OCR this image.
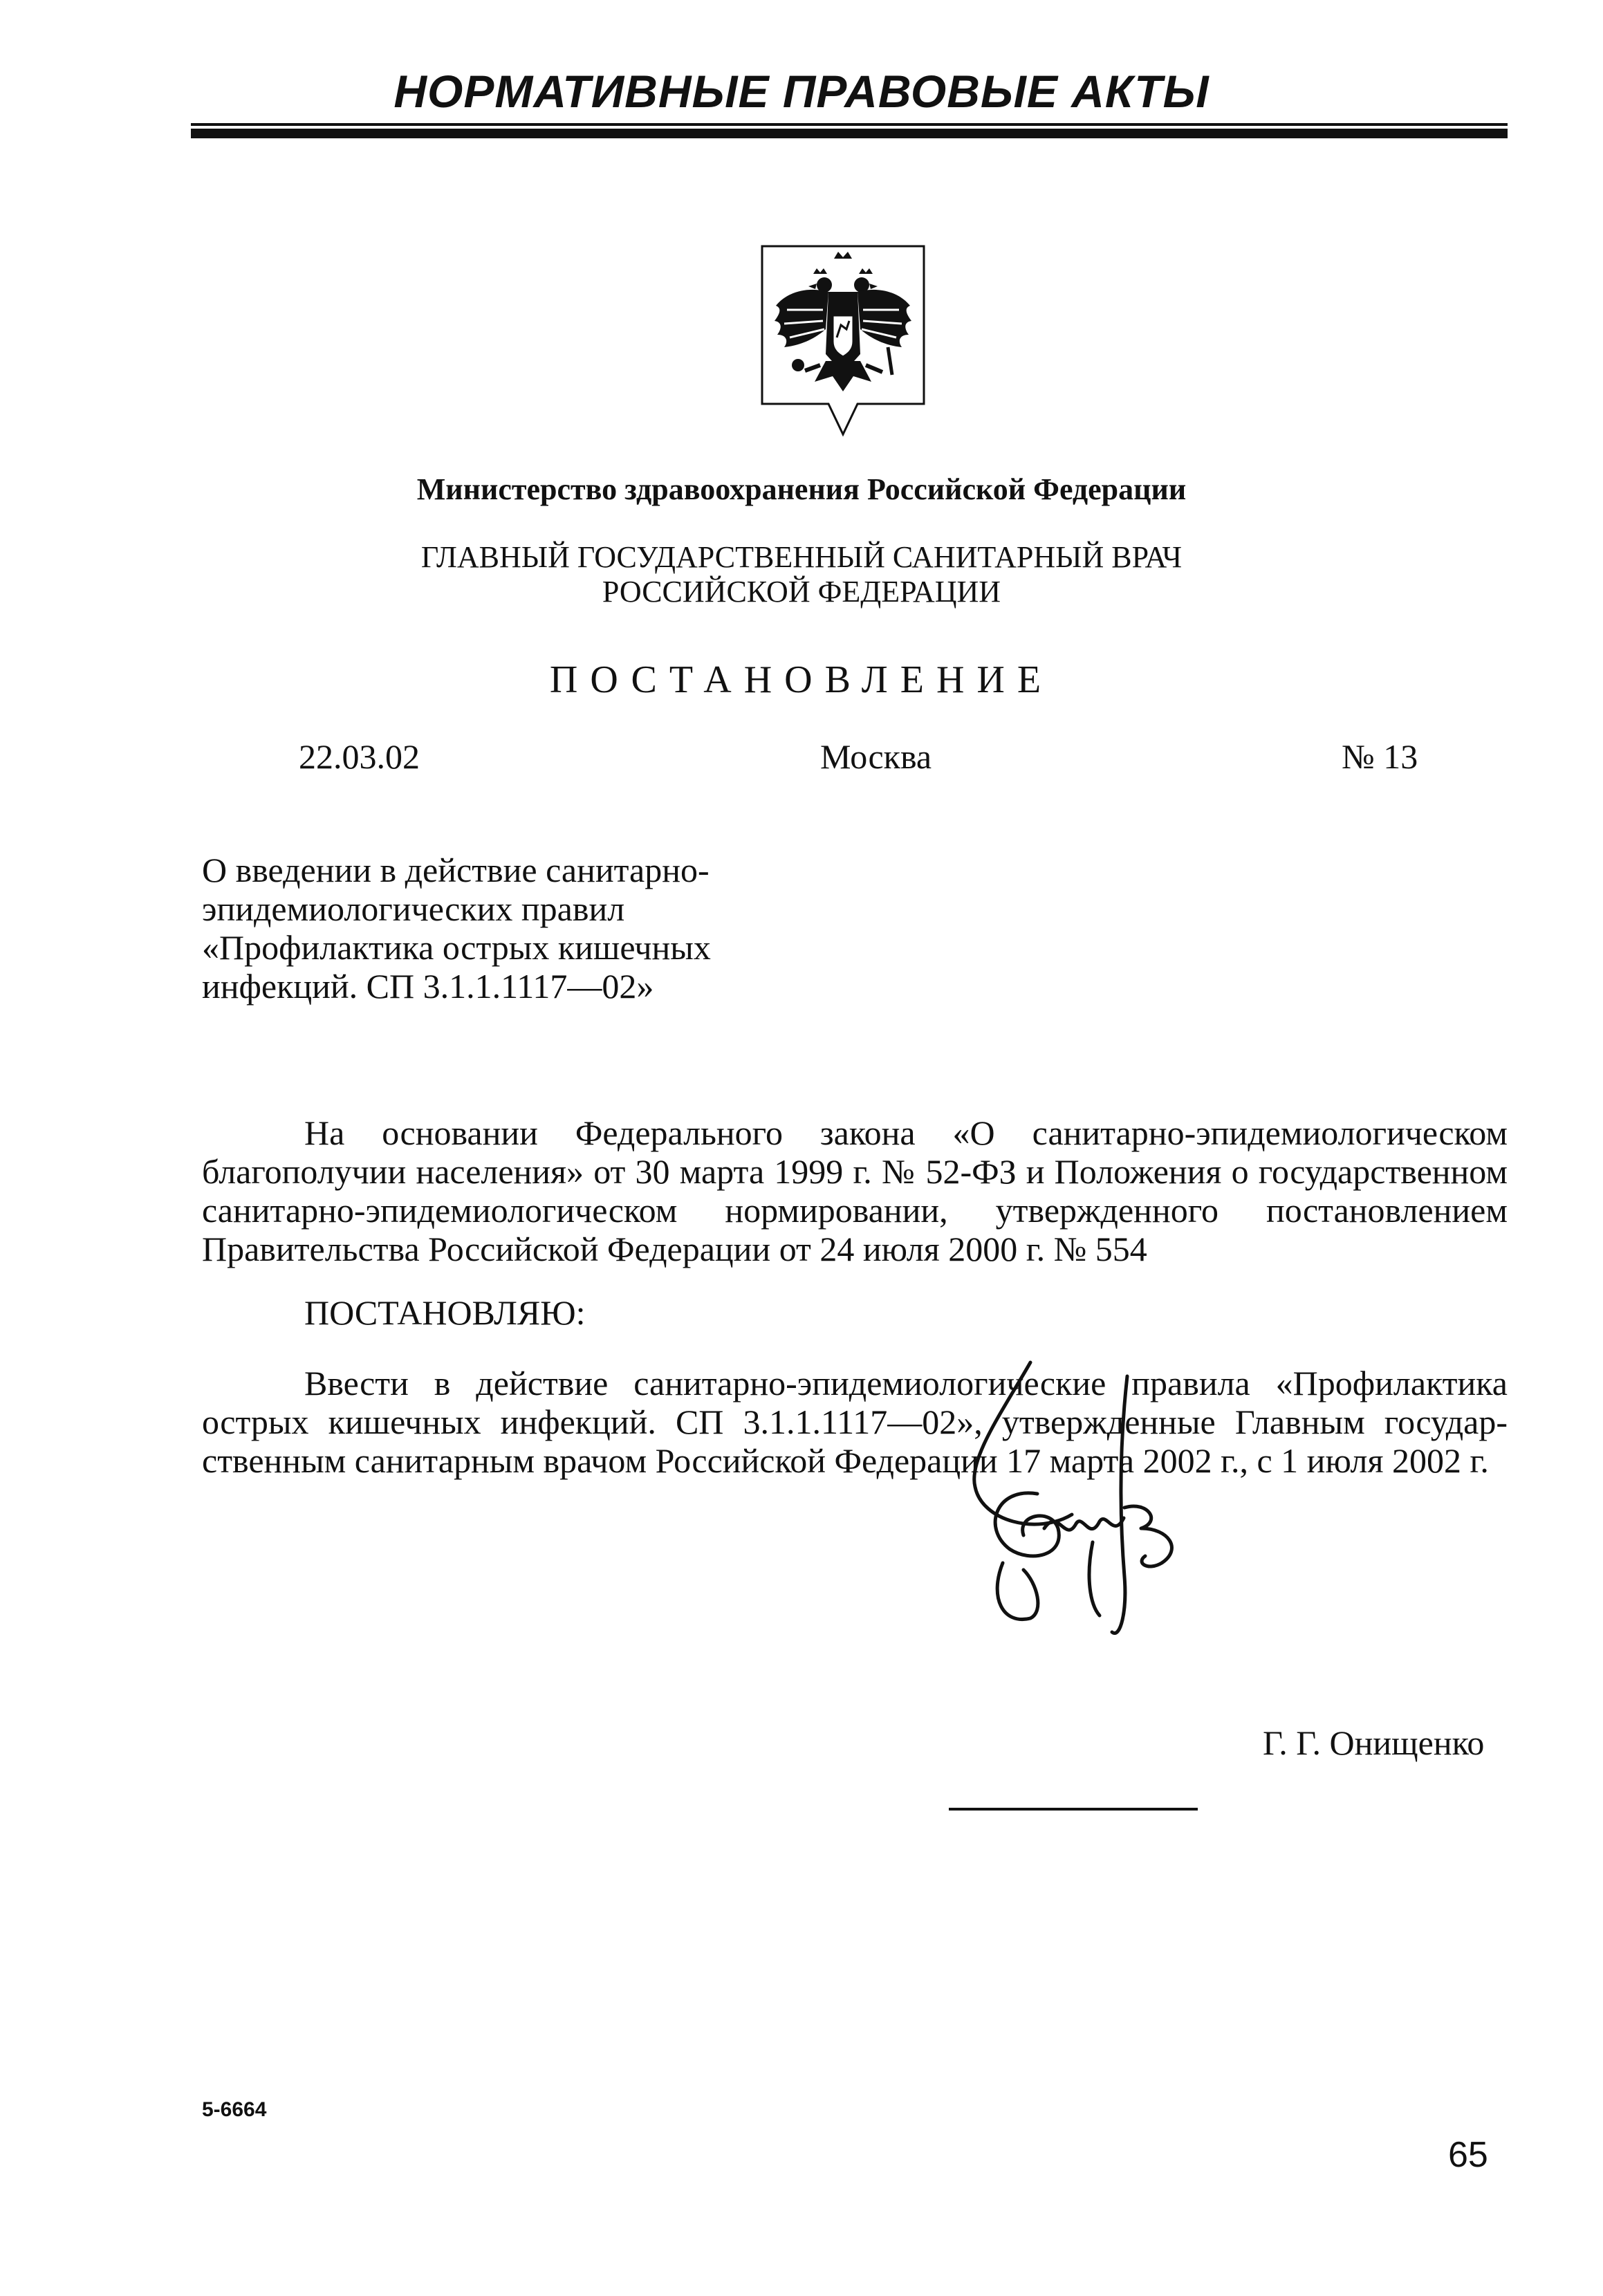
НОРМАТИВНЫЕ ПРАВОВЫЕ АКТЫ
Министерство здравоохранения Российской Федерации
ГЛАВНЫЙ ГОСУДАРСТВЕННЫЙ САНИТАРНЫЙ ВРАЧ
РОССИЙСКОЙ ФЕДЕРАЦИИ
ПОСТАНОВЛЕНИЕ
22.03.02	Москва	№ 13
О введении в действие санитарно-
эпидемиологических правил
«Профилактика острых кишечных
инфекций. СП 3.1.1.1117—02»
На основании Федерального закона «О санитарно-эпидемиологическом благополучии населения» от 30 марта 1999 г. № 52-ФЗ и Положения о государственном санитарно-эпидемиологическом нормировании, утвержденного постановлением Правительства Российской Федерации от 24 июля 2000 г. № 554
ПОСТАНОВЛЯЮ:
Ввести в действие санитарно-эпидемиологические правила «Профилактика острых кишечных инфекций. СП 3.1.1.1117—02», утвержденные Главным государственным санитарным врачом Российской Федерации 17 марта 2002 г., с 1 июля 2002 г.
Г. Г. Онищенко
5-6664
65
